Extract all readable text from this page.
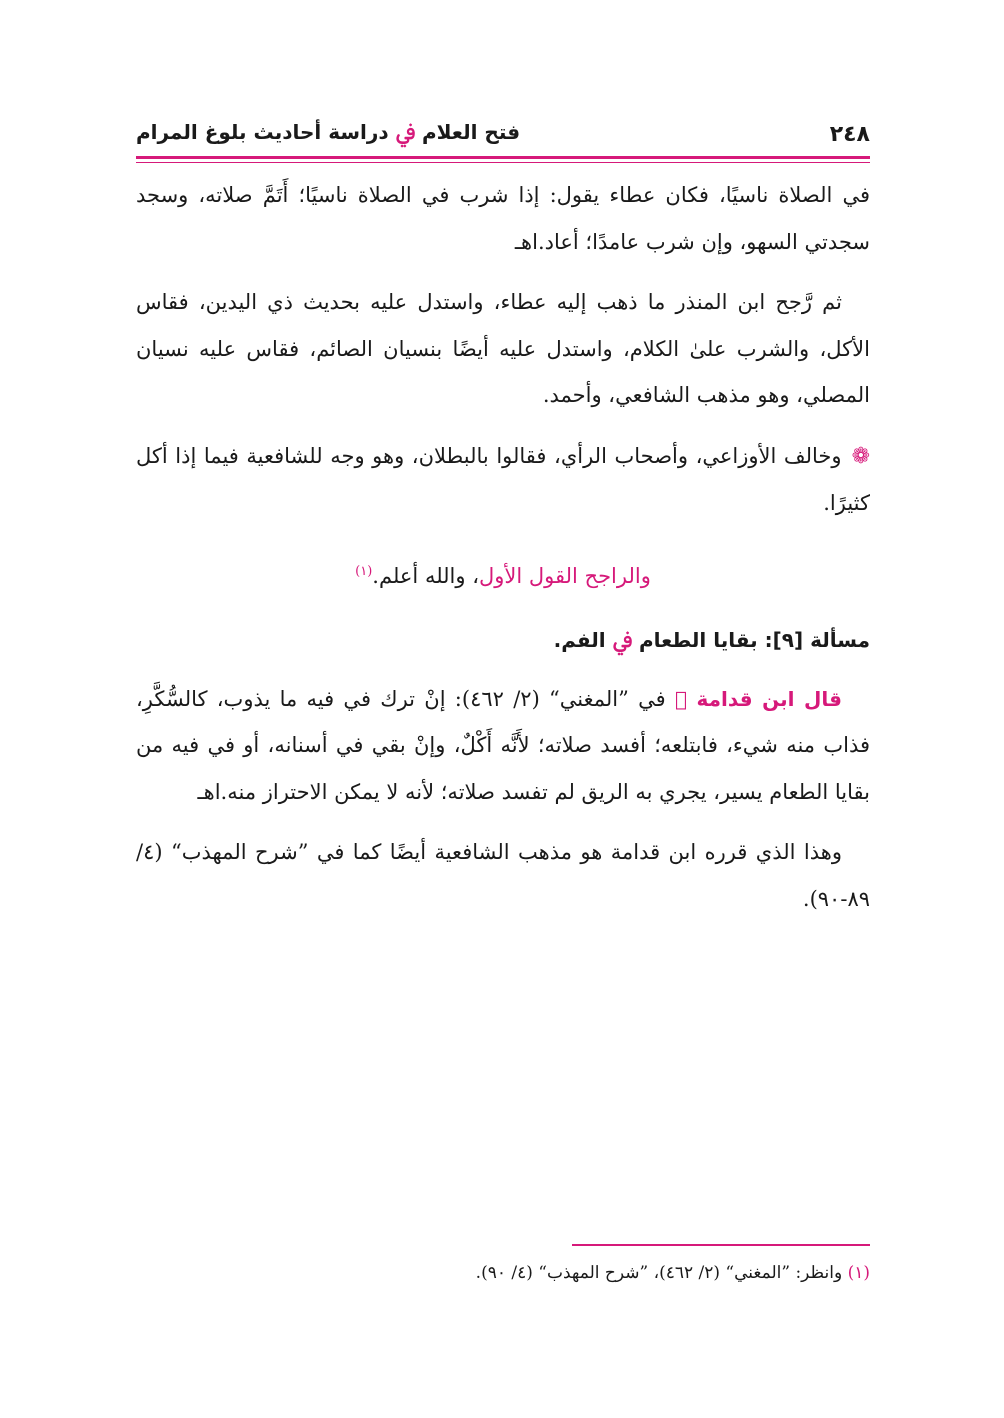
٢٤٨
فتح العلام ﰲ دراسة أحاديث بلوغ المرام

في الصلاة ناسيًا، فكان عطاء يقول: إذا شرب في الصلاة ناسيًا؛ أَتَمَّ صلاته، وسجد سجدتي السهو، وإن شرب عامدًا؛ أعاد.اهـ

ثم رَّجح ابن المنذر ما ذهب إليه عطاء، واستدل عليه بحديث ذي اليدين، فقاس الأكل، والشرب علىٰ الكلام، واستدل عليه أيضًا بنسيان الصائم، فقاس عليه نسيان المصلي، وهو مذهب الشافعي، وأحمد.

❁وخالف الأوزاعي، وأصحاب الرأي، فقالوا بالبطلان، وهو وجه للشافعية فيما إذا أكل كثيرًا.

والراجح القول الأول، والله أعلم.$^{(١)}$

مسألة [٩]: بقايا الطعام ﰲ الفم.

قال ابن قدامة ﷫ في ”المغني“ (٢/ ٤٦٢): إنْ ترك في فيه ما يذوب، كالسُّكَّرِ، فذاب منه شيء، فابتلعه؛ أفسد صلاته؛ لأَنَّه أَكْلٌ، وإنْ بقي في أسنانه، أو في فيه من بقايا الطعام يسير، يجري به الريق لم تفسد صلاته؛ لأنه لا يمكن الاحتراز منه.اهـ

وهذا الذي قرره ابن قدامة هو مذهب الشافعية أيضًا كما في ”شرح المهذب“ (٤/ ٨٩-٩٠).

(١) وانظر: ”المغني“ (٢/ ٤٦٢)، ”شرح المهذب“ (٤/ ٩٠).
